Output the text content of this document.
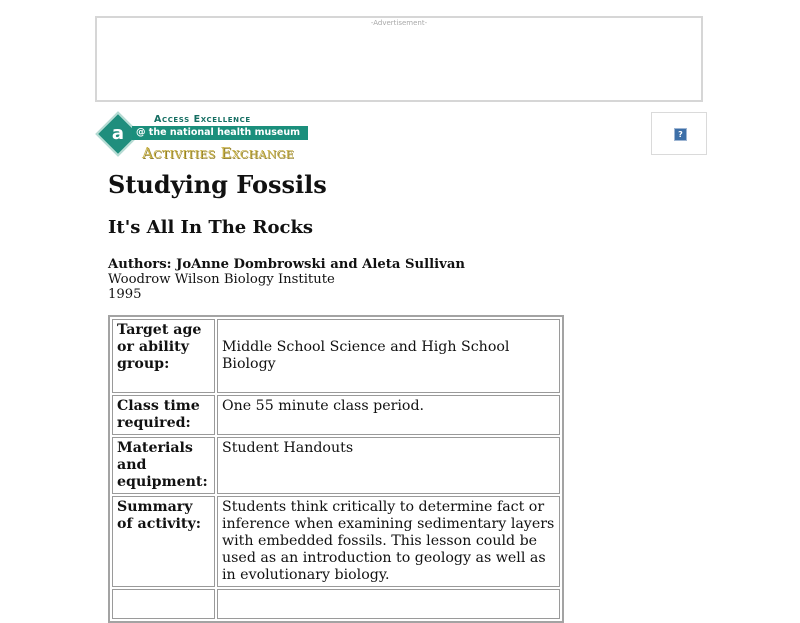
-Advertisement-
a
Access Excellence
@ the national health museum
Activities Exchange
?
Studying Fossils
It's All In The Rocks
Authors: JoAnne Dombrowski and Aleta Sullivan
Woodrow Wilson Biology Institute
1995
Target age or ability group:	Middle School Science and High School Biology
Class time required:	One 55 minute class period.
Materials and equipment:	Student Handouts
Summary of activity:	Students think critically to determine fact or inference when examining sedimentary layers with embedded fossils. This lesson could be used as an introduction to geology as well as in evolutionary biology.
